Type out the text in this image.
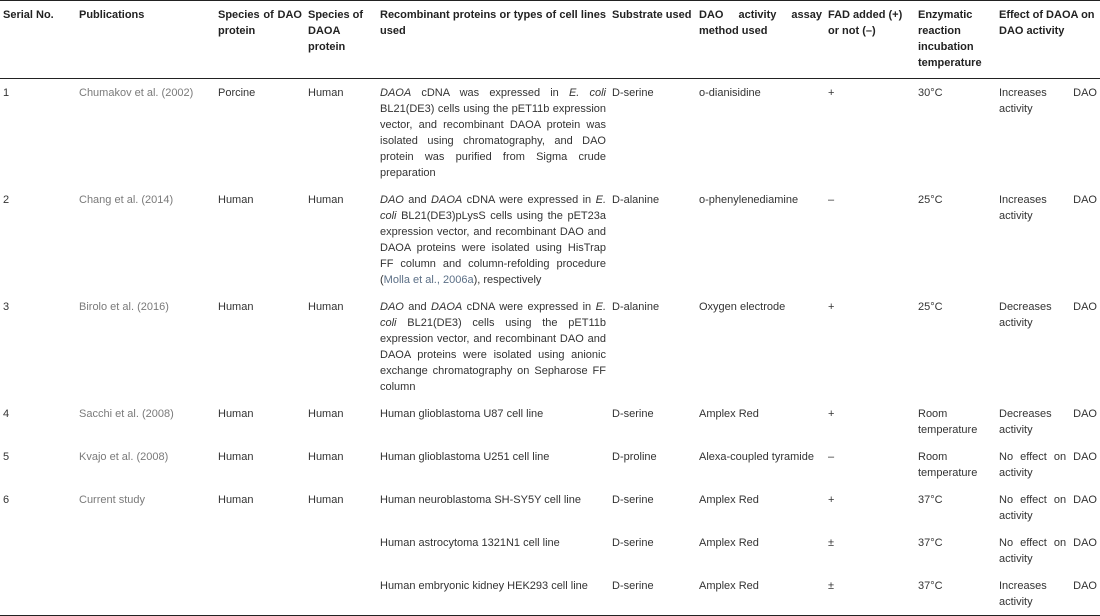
Serial No.	Publications	Species of DAO protein	Species of DAOA protein	Recombinant proteins or types of cell lines used	Substrate used	DAO activity assay method used	FAD added (+) or not (–)	Enzymatic reaction incubation temperature	Effect of DAOA on DAO activity
1	Chumakov et al. (2002)	Porcine	Human	DAOA cDNA was expressed in E. coli BL21(DE3) cells using the pET11b expression vector, and recombinant DAOA protein was isolated using chromatography, and DAO protein was purified from Sigma crude preparation	D-serine	o-dianisidine	+	30°C	Increases DAO activity
2	Chang et al. (2014)	Human	Human	DAO and DAOA cDNA were expressed in E. coli BL21(DE3)pLysS cells using the pET23a expression vector, and recombinant DAO and DAOA proteins were isolated using HisTrap FF column and column-refolding procedure (Molla et al., 2006a), respectively	D-alanine	o-phenylenediamine	–	25°C	Increases DAO activity
3	Birolo et al. (2016)	Human	Human	DAO and DAOA cDNA were expressed in E. coli BL21(DE3) cells using the pET11b expression vector, and recombinant DAO and DAOA proteins were isolated using anionic exchange chromatography on Sepharose FF column	D-alanine	Oxygen electrode	+	25°C	Decreases DAO activity
4	Sacchi et al. (2008)	Human	Human	Human glioblastoma U87 cell line	D-serine	Amplex Red	+	Room temperature	Decreases DAO activity
5	Kvajo et al. (2008)	Human	Human	Human glioblastoma U251 cell line	D-proline	Alexa-coupled tyramide	–	Room temperature	No effect on DAO activity
6	Current study	Human	Human	Human neuroblastoma SH-SY5Y cell line	D-serine	Amplex Red	+	37°C	No effect on DAO activity
				Human astrocytoma 1321N1 cell line	D-serine	Amplex Red	±	37°C	No effect on DAO activity
				Human embryonic kidney HEK293 cell line	D-serine	Amplex Red	±	37°C	Increases DAO activity
